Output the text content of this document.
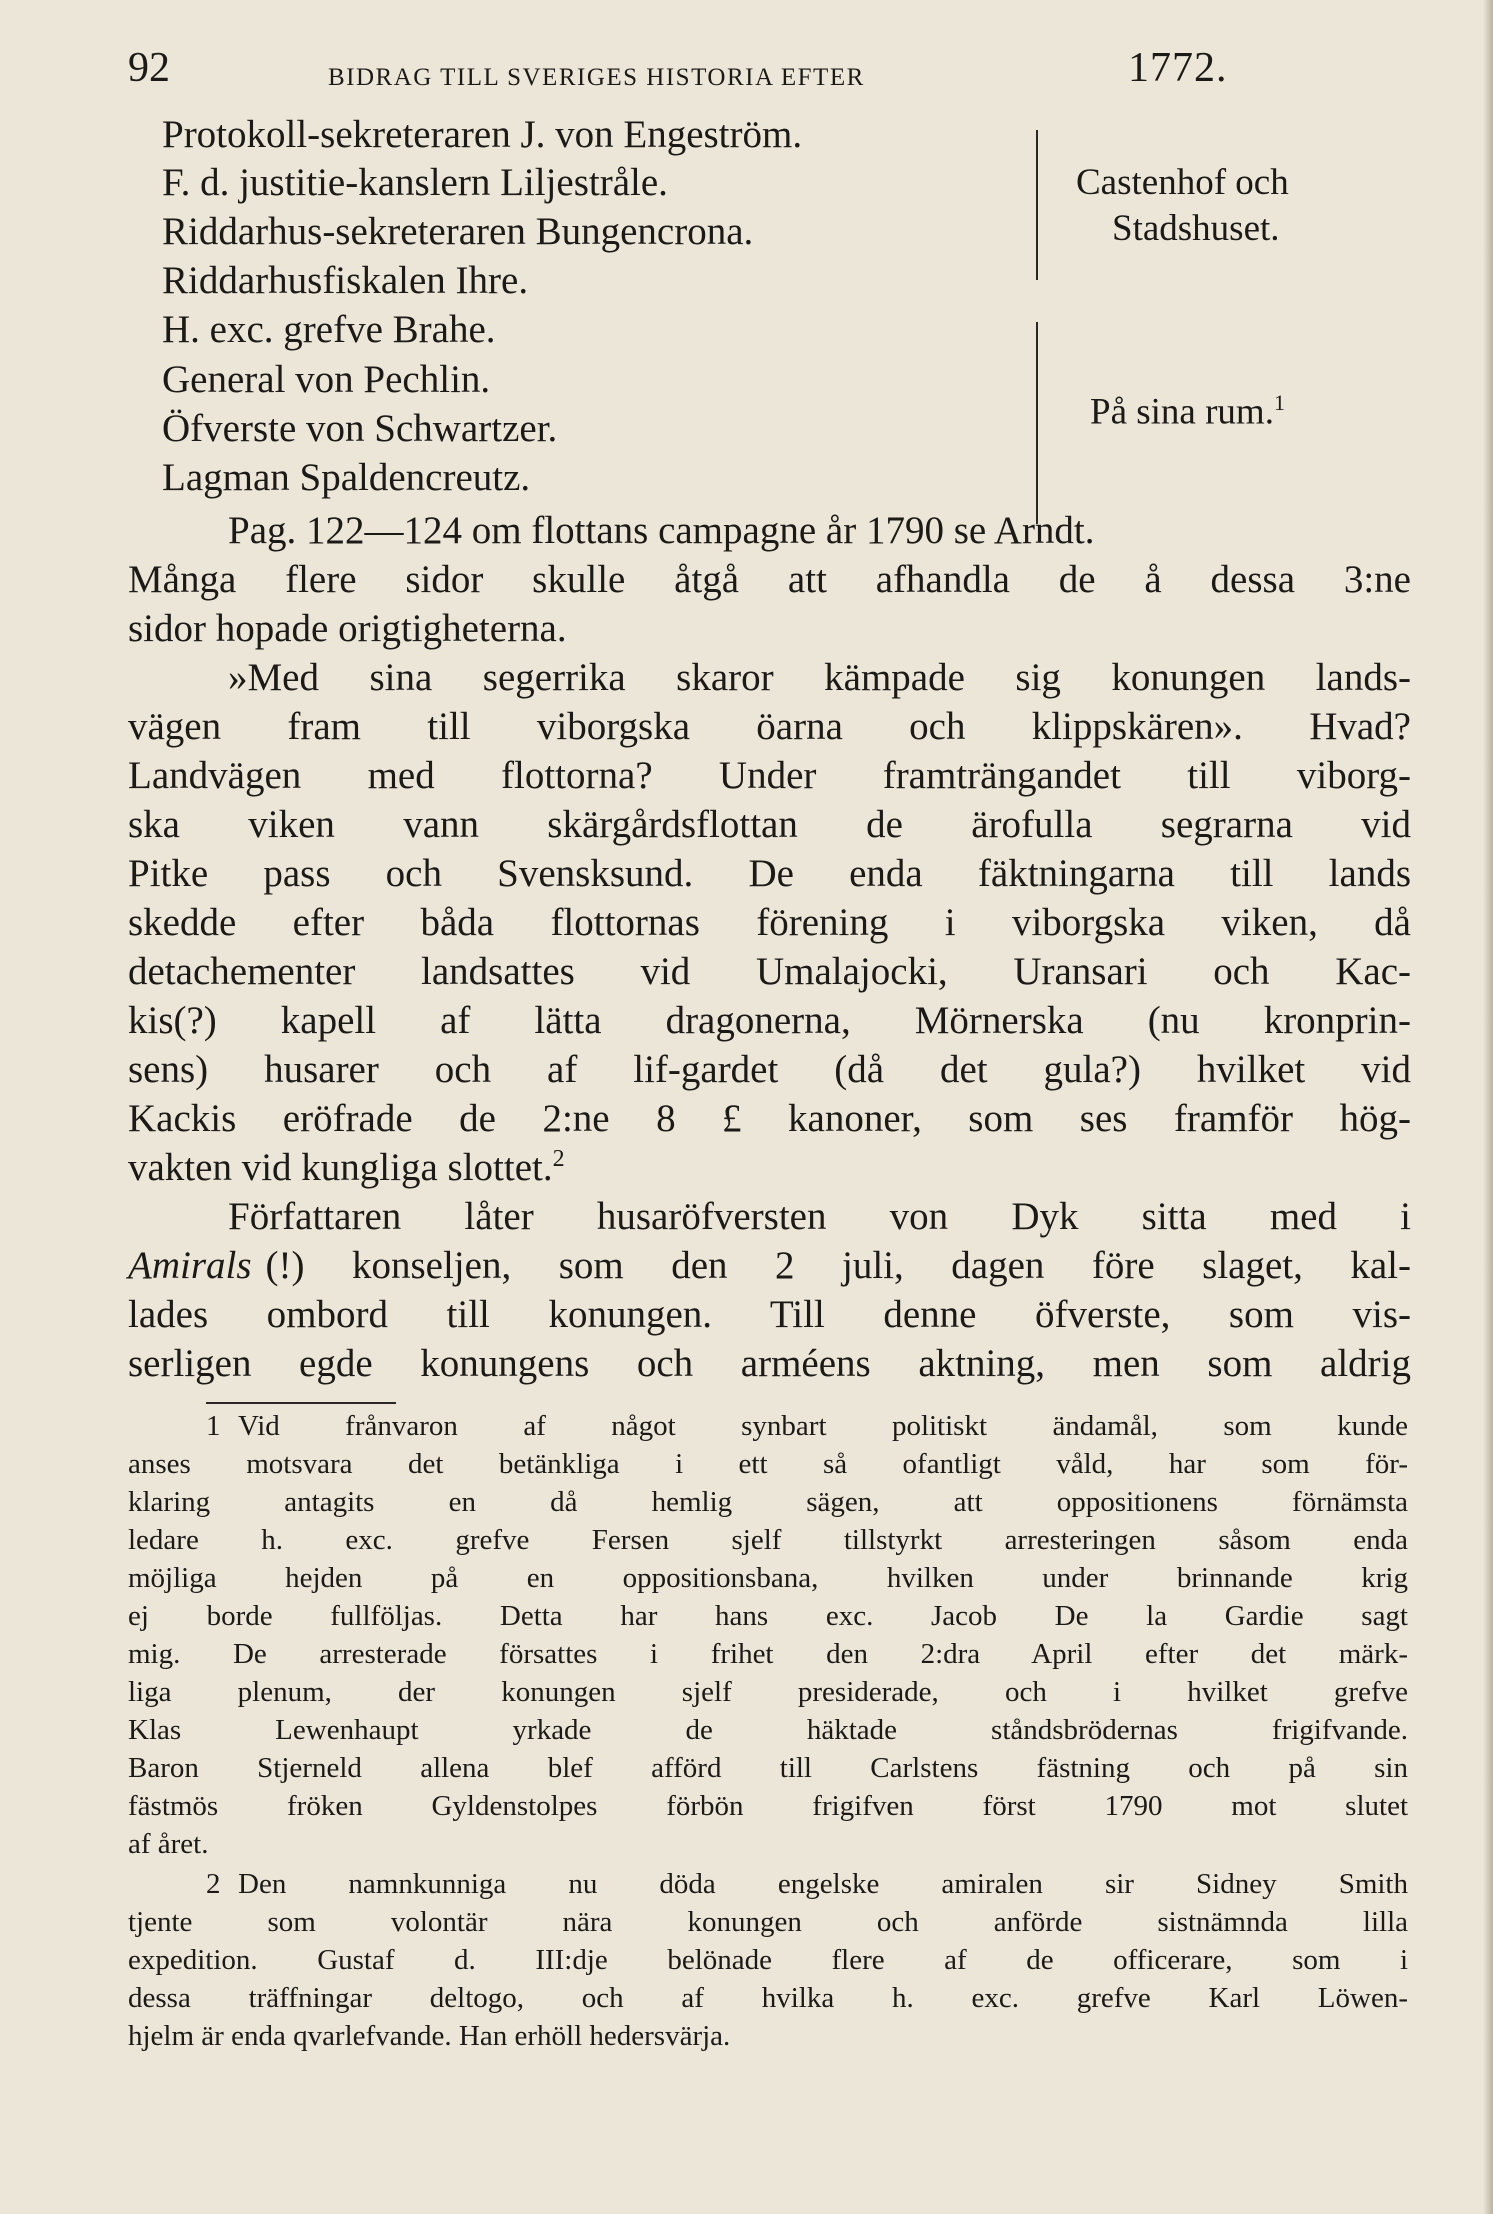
92	BIDRAG TILL SVERIGES HISTORIA EFTER	1772.
Protokoll-sekreteraren J. von Engeström.
F. d. justitie-kanslern Liljestråle.
Riddarhus-sekreteraren Bungencrona.
Riddarhusfiskalen Ihre.
H. exc. grefve Brahe.
General von Pechlin.
Öfverste von Schwartzer.
Lagman Spaldencreutz.
Castenhof och
Stadshuset.
På sina rum.$^1$
Pag. 122—124 om flottans campagne år 1790 se Arndt.
Många flere sidor skulle åtgå att afhandla de å dessa 3:ne
sidor hopade origtigheterna.
»Med sina segerrika skaror kämpade sig konungen lands-
vägen fram till viborgska öarna och klippskären». Hvad?
Landvägen med flottorna? Under framträngandet till viborg-
ska viken vann skärgårdsflottan de ärofulla segrarna vid
Pitke pass och Svensksund. De enda fäktningarna till lands
skedde efter båda flottornas förening i viborgska viken, då
detachementer landsattes vid Umalajocki, Uransari och Kac-
kis(?) kapell af lätta dragonerna, Mörnerska (nu kronprin-
sens) husarer och af lif-gardet (då det gula?) hvilket vid
Kackis eröfrade de 2:ne 8 £ kanoner, som ses framför hög-
vakten vid kungliga slottet.$^2$
Författaren låter husaröfversten von Dyk sitta med i
Amirals (!) konseljen, som den 2 juli, dagen före slaget, kal-
lades ombord till konungen. Till denne öfverste, som vis-
serligen egde konungens och arméens aktning, men som aldrig
1 Vid frånvaron af något synbart politiskt ändamål, som kunde
anses motsvara det betänkliga i ett så ofantligt våld, har som för-
klaring antagits en då hemlig sägen, att oppositionens förnämsta
ledare h. exc. grefve Fersen sjelf tillstyrkt arresteringen såsom enda
möjliga hejden på en oppositionsbana, hvilken under brinnande krig
ej borde fullföljas. Detta har hans exc. Jacob De la Gardie sagt
mig. De arresterade försattes i frihet den 2:dra April efter det märk-
liga plenum, der konungen sjelf presiderade, och i hvilket grefve
Klas Lewenhaupt yrkade de häktade ståndsbrödernas frigifvande.
Baron Stjerneld allena blef afförd till Carlstens fästning och på sin
fästmös fröken Gyldenstolpes förbön frigifven först 1790 mot slutet
af året.
2 Den namnkunniga nu döda engelske amiralen sir Sidney Smith
tjente som volontär nära konungen och anförde sistnämnda lilla
expedition. Gustaf d. III:dje belönade flere af de officerare, som i
dessa träffningar deltogo, och af hvilka h. exc. grefve Karl Löwen-
hjelm är enda qvarlefvande. Han erhöll hedersvärja.
